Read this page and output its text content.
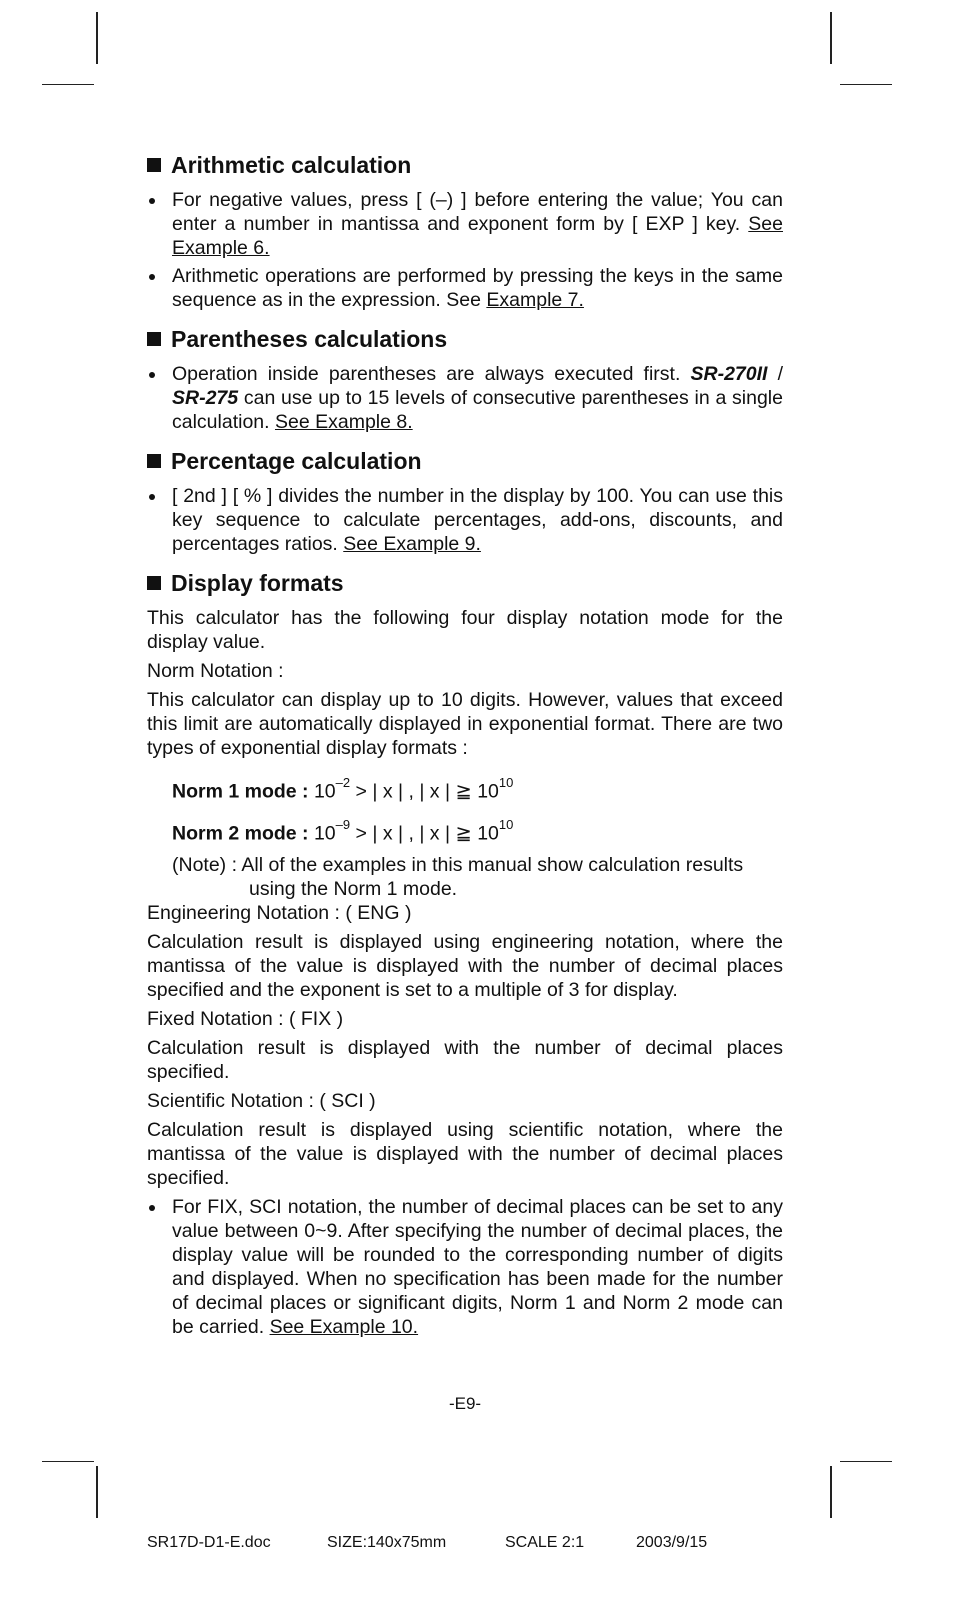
Arithmetic calculation
For negative values, press [ (–) ] before entering the value; You can enter a number in mantissa and exponent form by [ EXP ] key. See Example 6.
Arithmetic operations are performed by pressing the keys in the same sequence as in the expression. See Example 7.
Parentheses calculations
Operation inside parentheses are always executed first. SR-270II / SR-275 can use up to 15 levels of consecutive parentheses in a single calculation. See Example 8.
Percentage calculation
[ 2nd ] [ % ] divides the number in the display by 100. You can use this key sequence to calculate percentages, add-ons, discounts, and percentages ratios. See Example 9.
Display formats
This calculator has the following four display notation mode for the display value.
Norm Notation :
This calculator can display up to 10 digits. However, values that exceed this limit are automatically displayed in exponential format. There are two types of exponential display formats :
Norm 1 mode : $10^{-2}$ > | x | , | x | ≧ $10^{10}$
Norm 2 mode : $10^{-9}$ > | x | , | x | ≧ $10^{10}$
(Note) : All of the examples in this manual show calculation results
using the Norm 1 mode.
Engineering Notation : ( ENG )
Calculation result is displayed using engineering notation, where the mantissa of the value is displayed with the number of decimal places specified and the exponent is set to a multiple of 3 for display.
Fixed Notation : ( FIX )
Calculation result is displayed with the number of decimal places specified.
Scientific Notation : ( SCI )
Calculation result is displayed using scientific notation, where the mantissa of the value is displayed with the number of decimal places specified.
For FIX, SCI notation, the number of decimal places can be set to any value between 0~9. After specifying the number of decimal places, the display value will be rounded to the corresponding number of digits and displayed. When no specification has been made for the number of decimal places or significant digits, Norm 1 and Norm 2 mode can be carried. See Example 10.
-E9-
SR17D-D1-E.doc	SIZE:140x75mm	SCALE 2:1	2003/9/15
